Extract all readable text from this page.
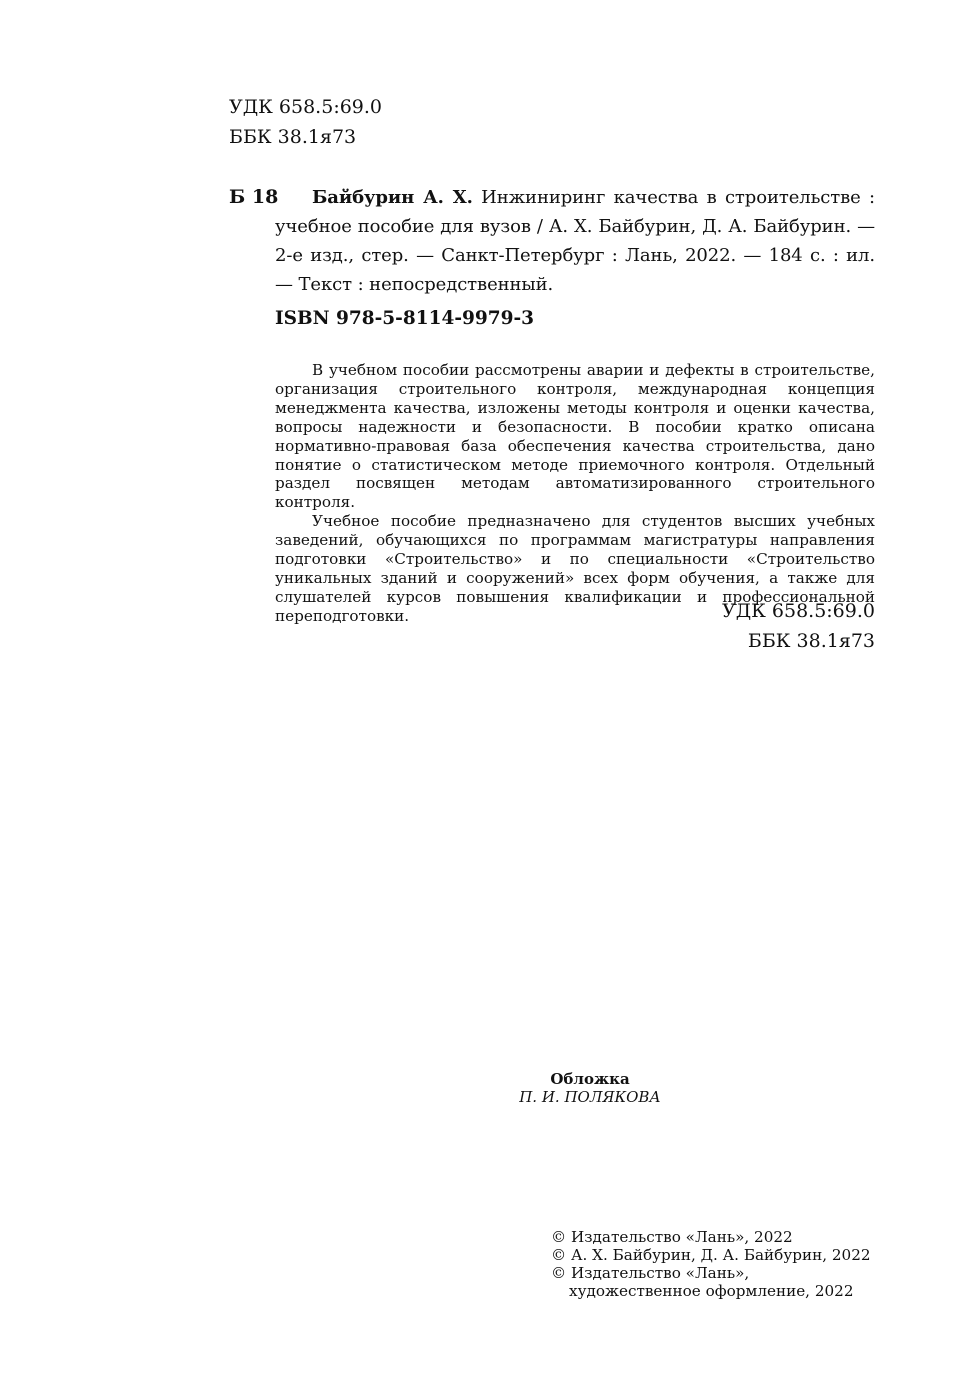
УДК 658.5:69.0
ББК 38.1я73
Б 18	Байбурин А. Х. Инжиниринг качества в строительстве : учебное пособие для вузов / А. Х. Байбурин, Д. А. Байбурин. — 2-е изд., стер. — Санкт-Петербург : Лань, 2022. — 184 с. : ил. — Текст : непосредственный.
ISBN 978-5-8114-9979-3

В учебном пособии рассмотрены аварии и дефекты в строительстве, организация строительного контроля, международная концепция менеджмента качества, изложены методы контроля и оценки качества, вопросы надежности и безопасности. В пособии кратко описана нормативно-правовая база обеспечения качества строительства, дано понятие о статистическом методе приемочного контроля. Отдельный раздел посвящен методам автоматизированного строительного контроля.

Учебное пособие предназначено для студентов высших учебных заведений, обучающихся по программам магистратуры направления подготовки «Строительство» и по специальности «Строительство уникальных зданий и сооружений» всех форм обучения, а также для слушателей курсов повышения квалификации и профессиональной переподготовки.	УДК 658.5:69.0
ББК 38.1я73
Обложка
П. И. ПОЛЯКОВА
© Издательство «Лань», 2022
© А. Х. Байбурин, Д. А. Байбурин, 2022
© Издательство «Лань»,
художественное оформление, 2022
